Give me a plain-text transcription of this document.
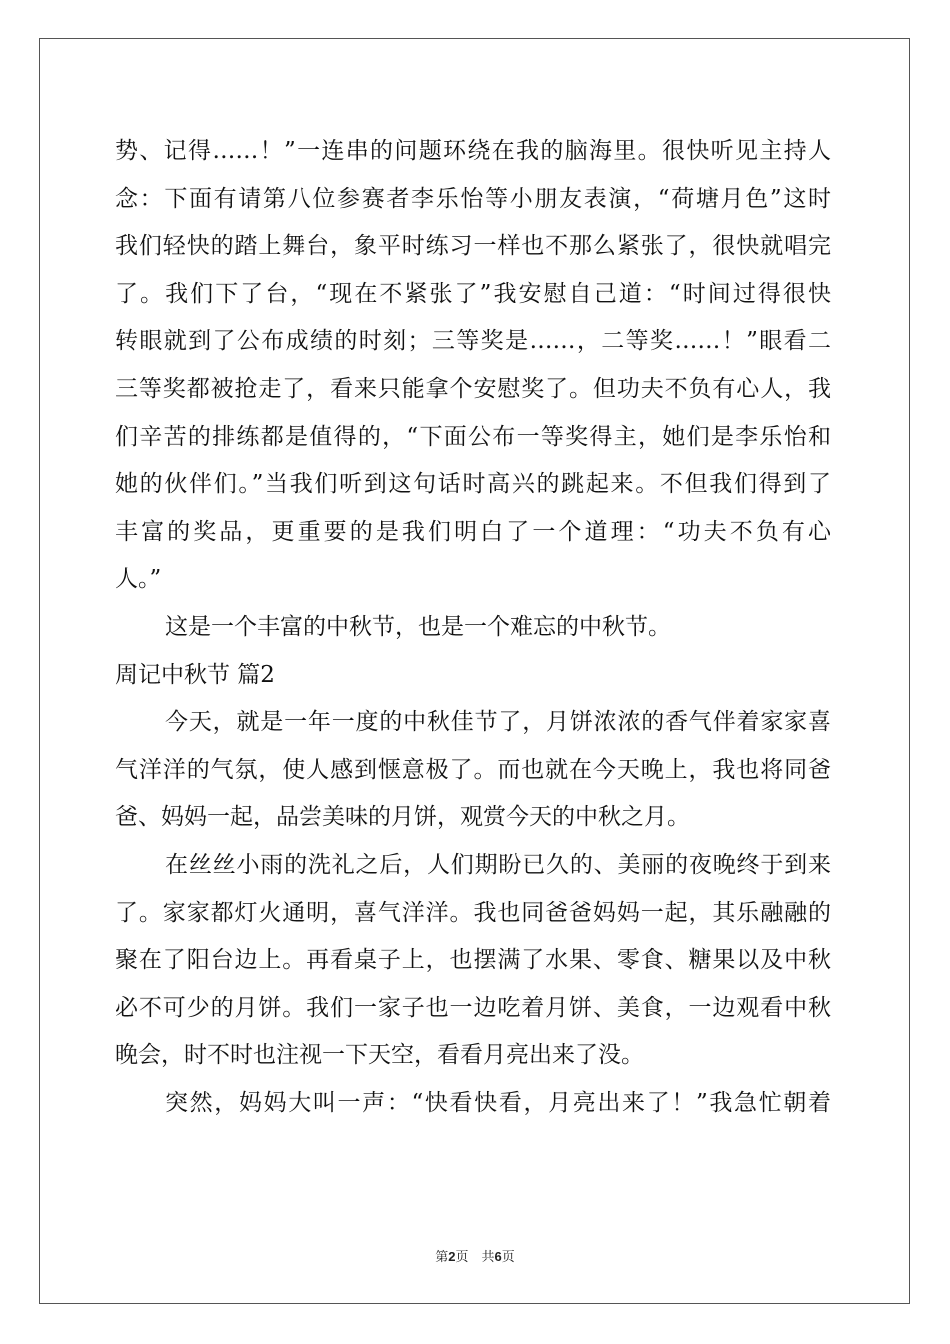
势、记得……！”一连串的问题环绕在我的脑海里。很快听见主持人
念：下面有请第八位参赛者李乐怡等小朋友表演，“荷塘月色”这时
我们轻快的踏上舞台，象平时练习一样也不那么紧张了，很快就唱完
了。我们下了台，“现在不紧张了”我安慰自己道：“时间过得很快
转眼就到了公布成绩的时刻；三等奖是……，二等奖……！”眼看二
三等奖都被抢走了，看来只能拿个安慰奖了。但功夫不负有心人，我
们辛苦的排练都是值得的，“下面公布一等奖得主，她们是李乐怡和
她的伙伴们。”当我们听到这句话时高兴的跳起来。不但我们得到了
丰富的奖品，更重要的是我们明白了一个道理：“功夫不负有心
人。”
这是一个丰富的中秋节，也是一个难忘的中秋节。
周记中秋节 篇2
今天，就是一年一度的中秋佳节了，月饼浓浓的香气伴着家家喜
气洋洋的气氛，使人感到惬意极了。而也就在今天晚上，我也将同爸
爸、妈妈一起，品尝美味的月饼，观赏今天的中秋之月。
在丝丝小雨的洗礼之后，人们期盼已久的、美丽的夜晚终于到来
了。家家都灯火通明，喜气洋洋。我也同爸爸妈妈一起，其乐融融的
聚在了阳台边上。再看桌子上，也摆满了水果、零食、糖果以及中秋
必不可少的月饼。我们一家子也一边吃着月饼、美食，一边观看中秋
晚会，时不时也注视一下天空，看看月亮出来了没。
突然，妈妈大叫一声：“快看快看，月亮出来了！”我急忙朝着
第2页　共6页
